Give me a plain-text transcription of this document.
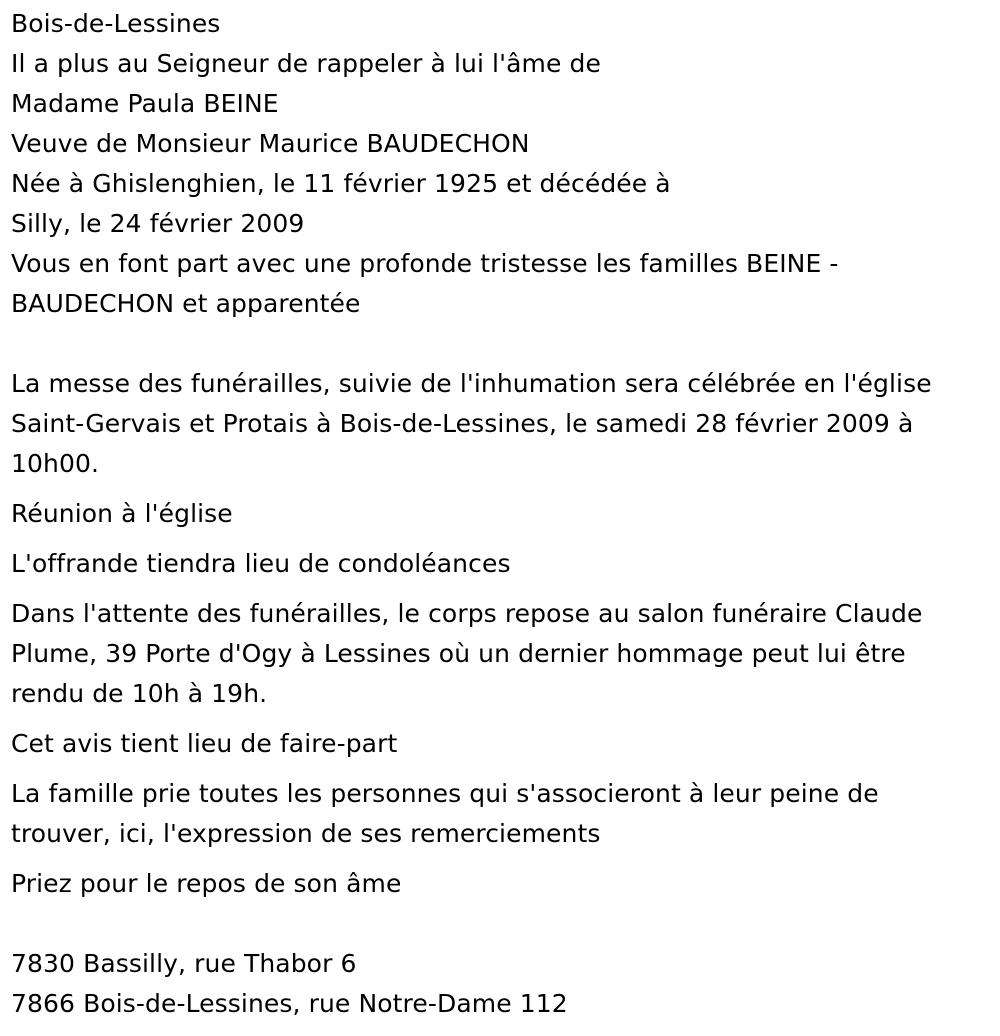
Bois-de-Lessines

Il a plus au Seigneur de rappeler à lui l'âme de

Madame Paula BEINE

Veuve de Monsieur Maurice BAUDECHON

Née à Ghislenghien, le 11 février 1925 et décédée à

Silly, le 24 février 2009

Vous en font part avec une profonde tristesse les familles BEINE -

BAUDECHON et apparentée

La messe des funérailles, suivie de l'inhumation sera célébrée en l'église Saint-Gervais et Protais à Bois-de-Lessines, le samedi 28 février 2009 à 10h00.

Réunion à l'église

L'offrande tiendra lieu de condoléances

Dans l'attente des funérailles, le corps repose au salon funéraire Claude Plume, 39 Porte d'Ogy à Lessines où un dernier hommage peut lui être rendu de 10h à 19h.

Cet avis tient lieu de faire-part

La famille prie toutes les personnes qui s'associeront à leur peine de trouver, ici, l'expression de ses remerciements

Priez pour le repos de son âme

7830 Bassilly, rue Thabor 6

7866 Bois-de-Lessines, rue Notre-Dame 112
